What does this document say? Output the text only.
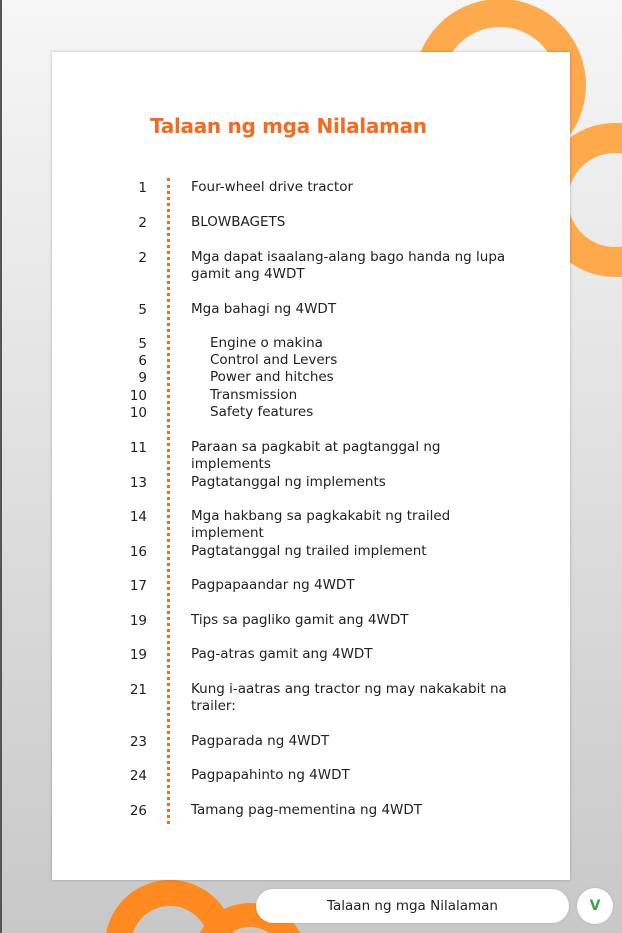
Talaan ng mga Nilalaman
1	Four-wheel drive tractor
2	BLOWBAGETS
2	Mga dapat isaalang-alang bago handa ng lupa gamit ang 4WDT
5	Mga bahagi ng 4WDT
5	Engine o makina
6	Control and Levers
9	Power and hitches
10	Transmission
10	Safety features
11	Paraan sa pagkabit at pagtanggal ng implements
13	Pagtatanggal ng implements
14	Mga hakbang sa pagkakabit ng trailed implement
16	Pagtatanggal ng trailed implement
17	Pagpapaandar ng 4WDT
19	Tips sa pagliko gamit ang 4WDT
19	Pag-atras gamit ang 4WDT
21	Kung i-aatras ang tractor ng may nakakabit na trailer:
23	Pagparada ng 4WDT
24	Pagpapahinto ng 4WDT
26	Tamang pag-mementina ng 4WDT
Talaan ng mga Nilalaman	V
